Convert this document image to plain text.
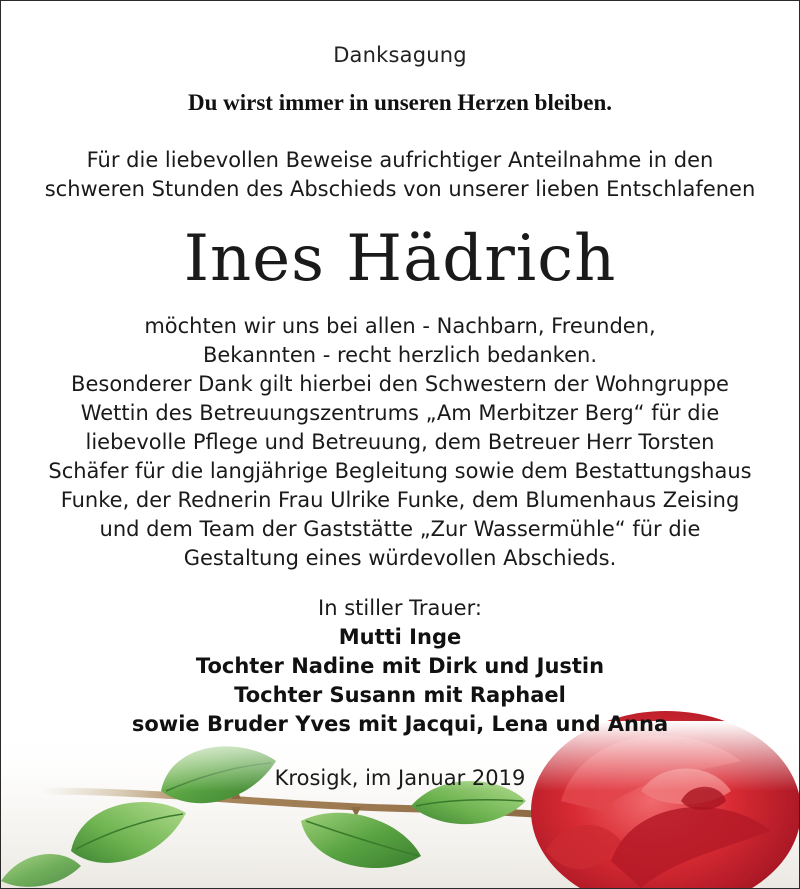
Danksagung
Du wirst immer in unseren Herzen bleiben.
Für die liebevollen Beweise aufrichtiger Anteilnahme in den
schweren Stunden des Abschieds von unserer lieben Entschlafenen
Ines Hädrich
möchten wir uns bei allen - Nachbarn, Freunden,
Bekannten - recht herzlich bedanken.
Besonderer Dank gilt hierbei den Schwestern der Wohngruppe
Wettin des Betreuungszentrums „Am Merbitzer Berg“ für die
liebevolle Pflege und Betreuung, dem Betreuer Herr Torsten
Schäfer für die langjährige Begleitung sowie dem Bestattungshaus
Funke, der Rednerin Frau Ulrike Funke, dem Blumenhaus Zeising
und dem Team der Gaststätte „Zur Wassermühle“ für die
Gestaltung eines würdevollen Abschieds.
In stiller Trauer:
Mutti Inge
Tochter Nadine mit Dirk und Justin
Tochter Susann mit Raphael
sowie Bruder Yves mit Jacqui, Lena und Anna
Krosigk, im Januar 2019
